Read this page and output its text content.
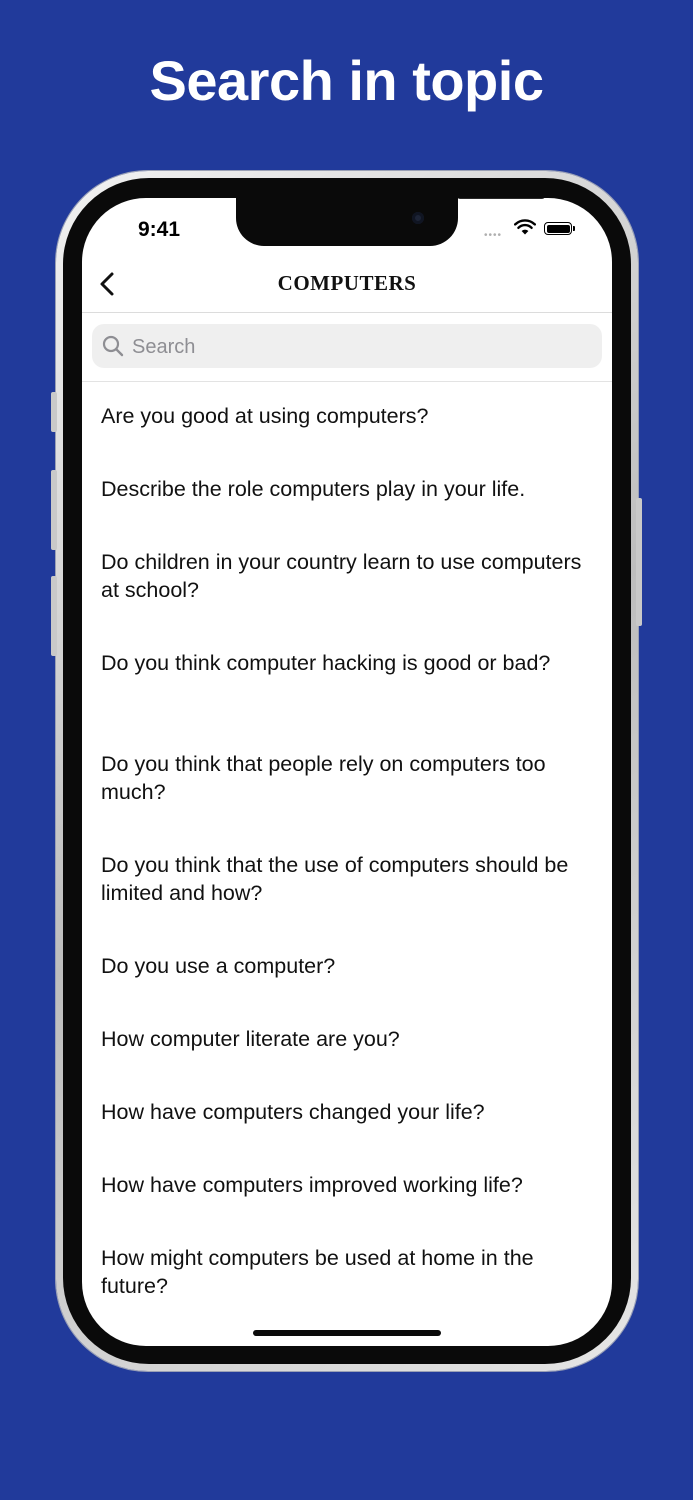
Search in topic
9:41	••••
COMPUTERS
Search
Are you good at using computers?
Describe the role computers play in your life.
Do children in your country learn to use computers at school?
Do you think computer hacking is good or bad?
Do you think that people rely on computers too much?
Do you think that the use of computers should be limited and how?
Do you use a computer?
How computer literate are you?
How have computers changed your life?
How have computers improved working life?
How might computers be used at home in the future?
